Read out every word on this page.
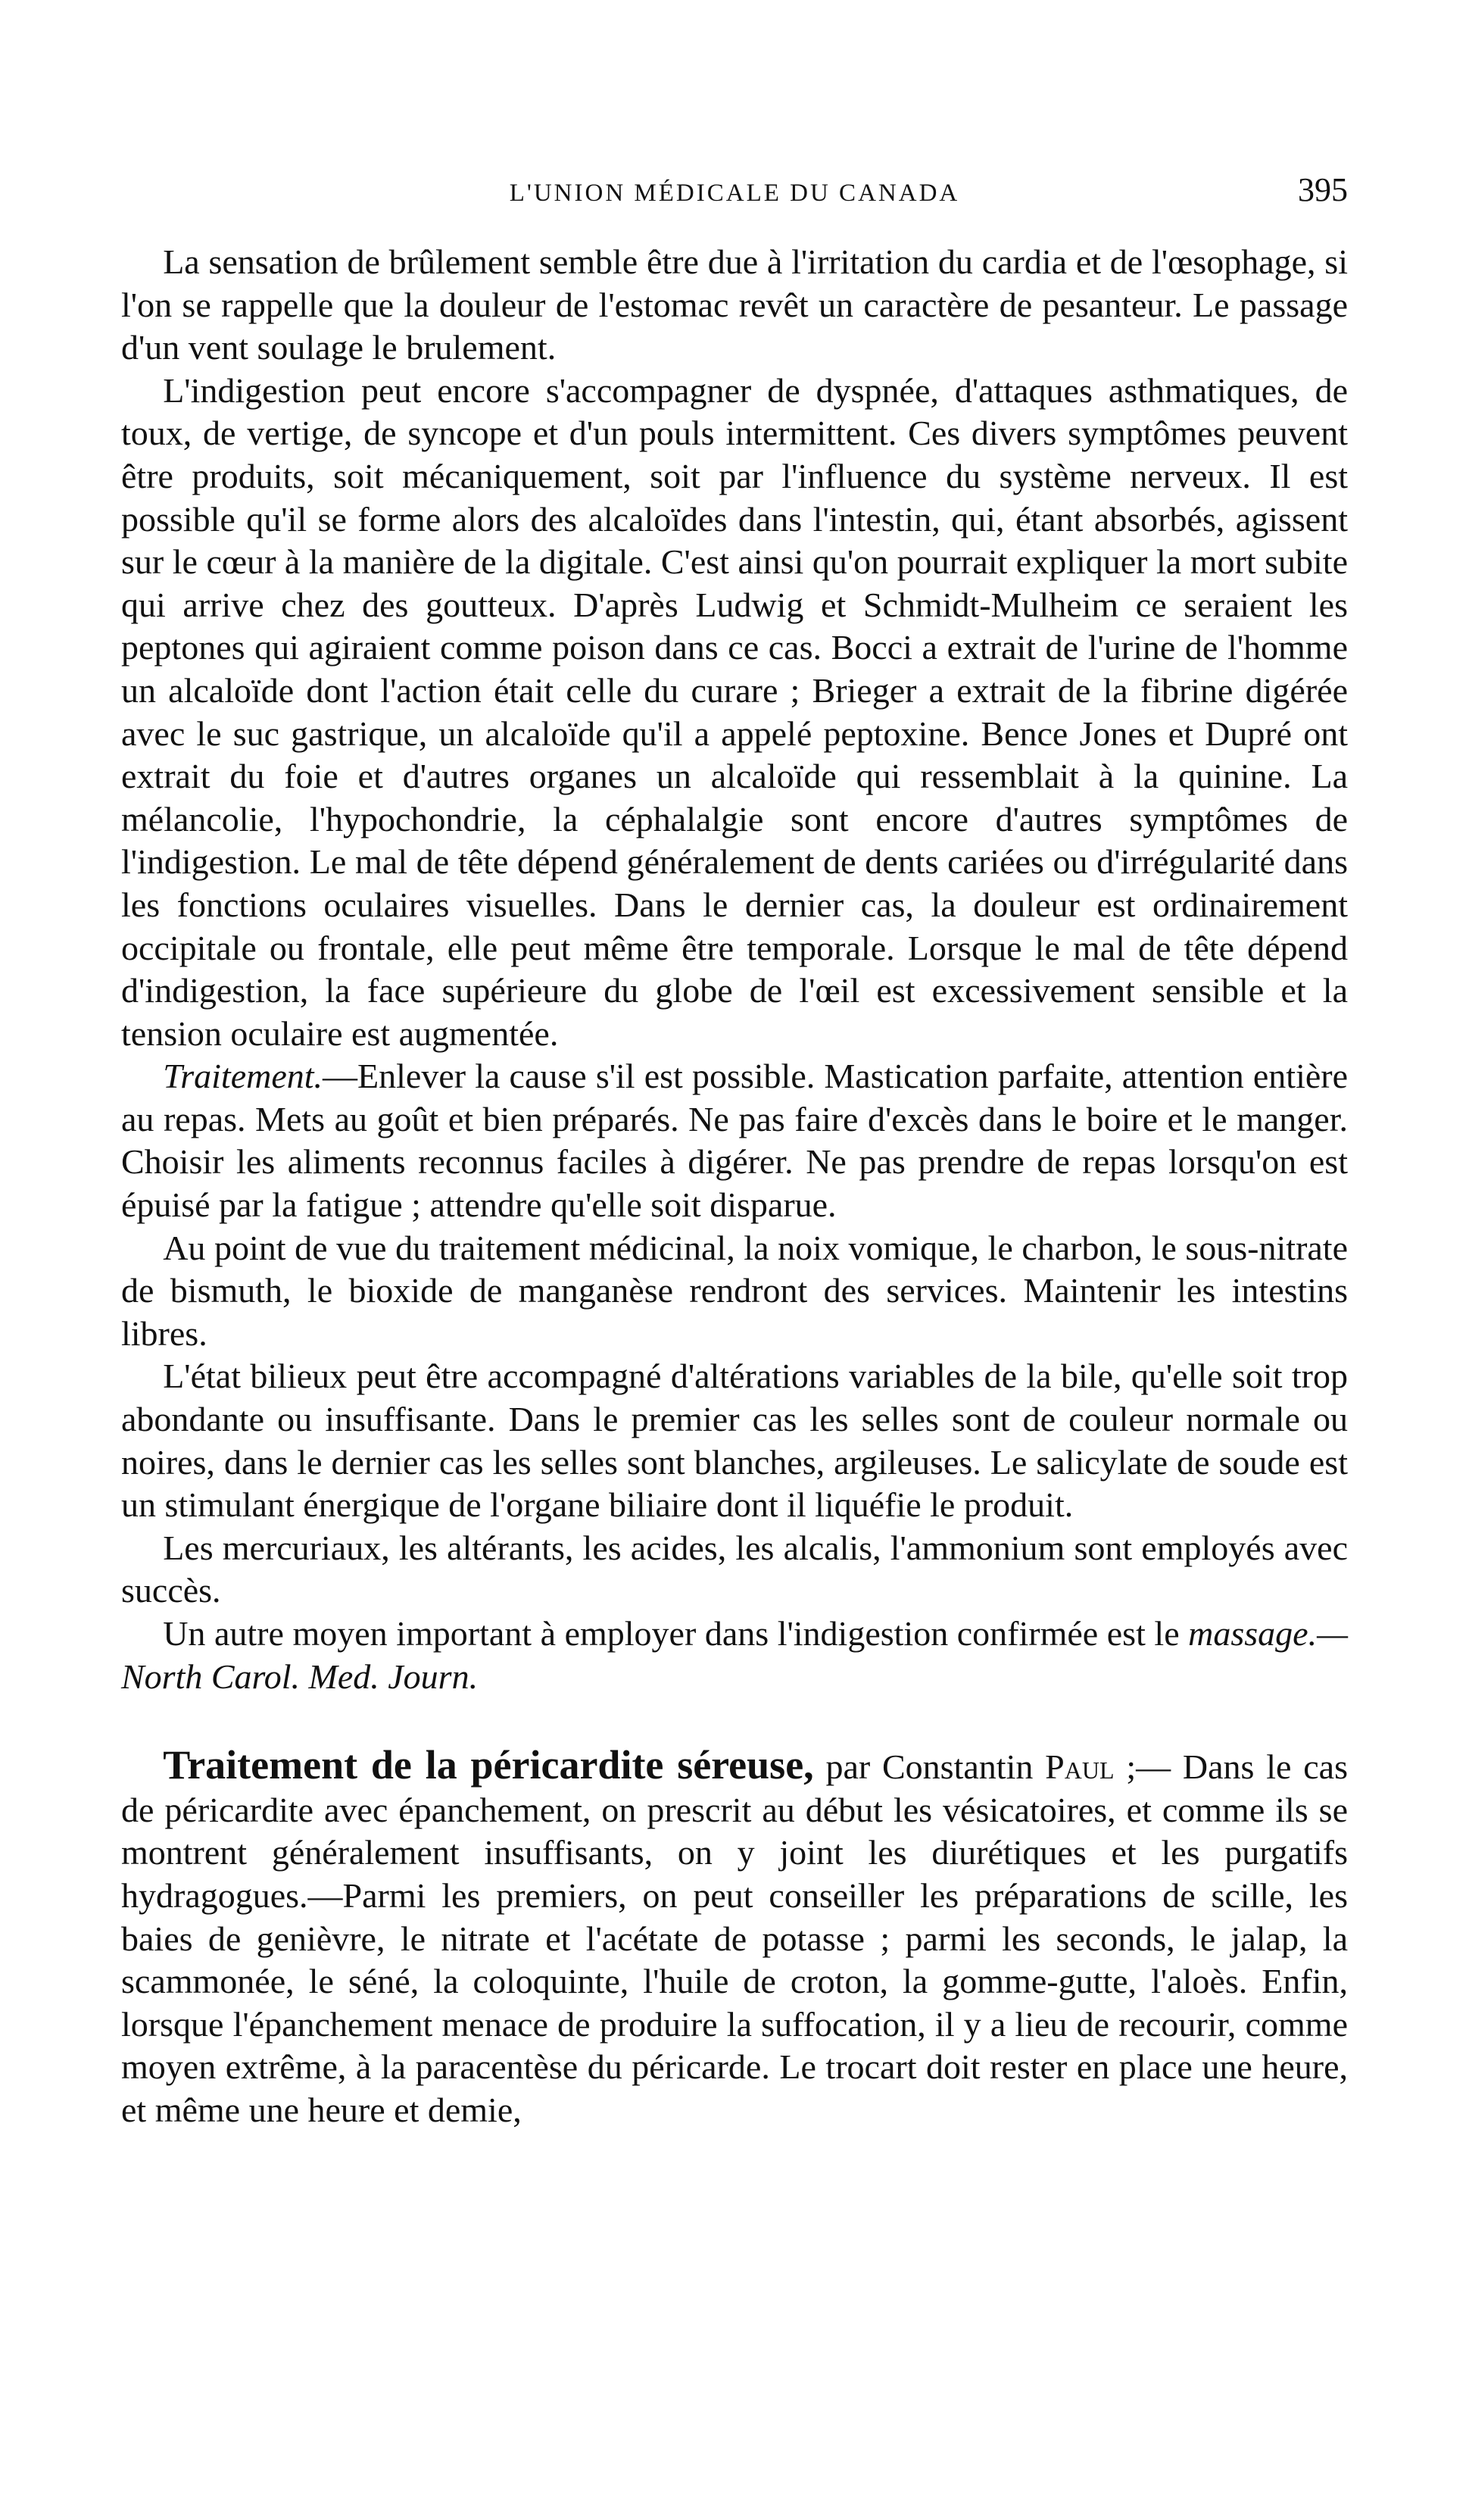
L'UNION MÉDICALE DU CANADA	395

La sensation de brûlement semble être due à l'irritation du cardia et de l'œsophage, si l'on se rappelle que la douleur de l'estomac revêt un caractère de pesanteur. Le passage d'un vent soulage le brulement.

L'indigestion peut encore s'accompagner de dyspnée, d'attaques asthmatiques, de toux, de vertige, de syncope et d'un pouls intermittent. Ces divers symptômes peuvent être produits, soit mécaniquement, soit par l'influence du système nerveux. Il est possible qu'il se forme alors des alcaloïdes dans l'intestin, qui, étant absorbés, agissent sur le cœur à la manière de la digitale. C'est ainsi qu'on pourrait expliquer la mort subite qui arrive chez des goutteux. D'après Ludwig et Schmidt-Mulheim ce seraient les peptones qui agiraient comme poison dans ce cas. Bocci a extrait de l'urine de l'homme un alcaloïde dont l'action était celle du curare ; Brieger a extrait de la fibrine digérée avec le suc gastrique, un alcaloïde qu'il a appelé peptoxine. Bence Jones et Dupré ont extrait du foie et d'autres organes un alcaloïde qui ressemblait à la quinine. La mélancolie, l'hypochondrie, la céphalalgie sont encore d'autres symptômes de l'indigestion. Le mal de tête dépend généralement de dents cariées ou d'irrégularité dans les fonctions oculaires visuelles. Dans le dernier cas, la douleur est ordinairement occipitale ou frontale, elle peut même être temporale. Lorsque le mal de tête dépend d'indigestion, la face supérieure du globe de l'œil est excessivement sensible et la tension oculaire est augmentée.

Traitement.—Enlever la cause s'il est possible. Mastication parfaite, attention entière au repas. Mets au goût et bien préparés. Ne pas faire d'excès dans le boire et le manger. Choisir les aliments reconnus faciles à digérer. Ne pas prendre de repas lorsqu'on est épuisé par la fatigue ; attendre qu'elle soit disparue.

Au point de vue du traitement médicinal, la noix vomique, le charbon, le sous-nitrate de bismuth, le bioxide de manganèse rendront des services. Maintenir les intestins libres.

L'état bilieux peut être accompagné d'altérations variables de la bile, qu'elle soit trop abondante ou insuffisante. Dans le premier cas les selles sont de couleur normale ou noires, dans le dernier cas les selles sont blanches, argileuses. Le salicylate de soude est un stimulant énergique de l'organe biliaire dont il liquéfie le produit.

Les mercuriaux, les altérants, les acides, les alcalis, l'ammonium sont employés avec succès.

Un autre moyen important à employer dans l'indigestion confirmée est le massage.—North Carol. Med. Journ.

Traitement de la péricardite séreuse, par Constantin Paul ;— Dans le cas de péricardite avec épanchement, on prescrit au début les vésicatoires, et comme ils se montrent généralement insuffisants, on y joint les diurétiques et les purgatifs hydragogues.—Parmi les premiers, on peut conseiller les préparations de scille, les baies de genièvre, le nitrate et l'acétate de potasse ; parmi les seconds, le jalap, la scammonée, le séné, la coloquinte, l'huile de croton, la gomme-gutte, l'aloès. Enfin, lorsque l'épanchement menace de produire la suffocation, il y a lieu de recourir, comme moyen extrême, à la paracentèse du péricarde. Le trocart doit rester en place une heure, et même une heure et demie,
